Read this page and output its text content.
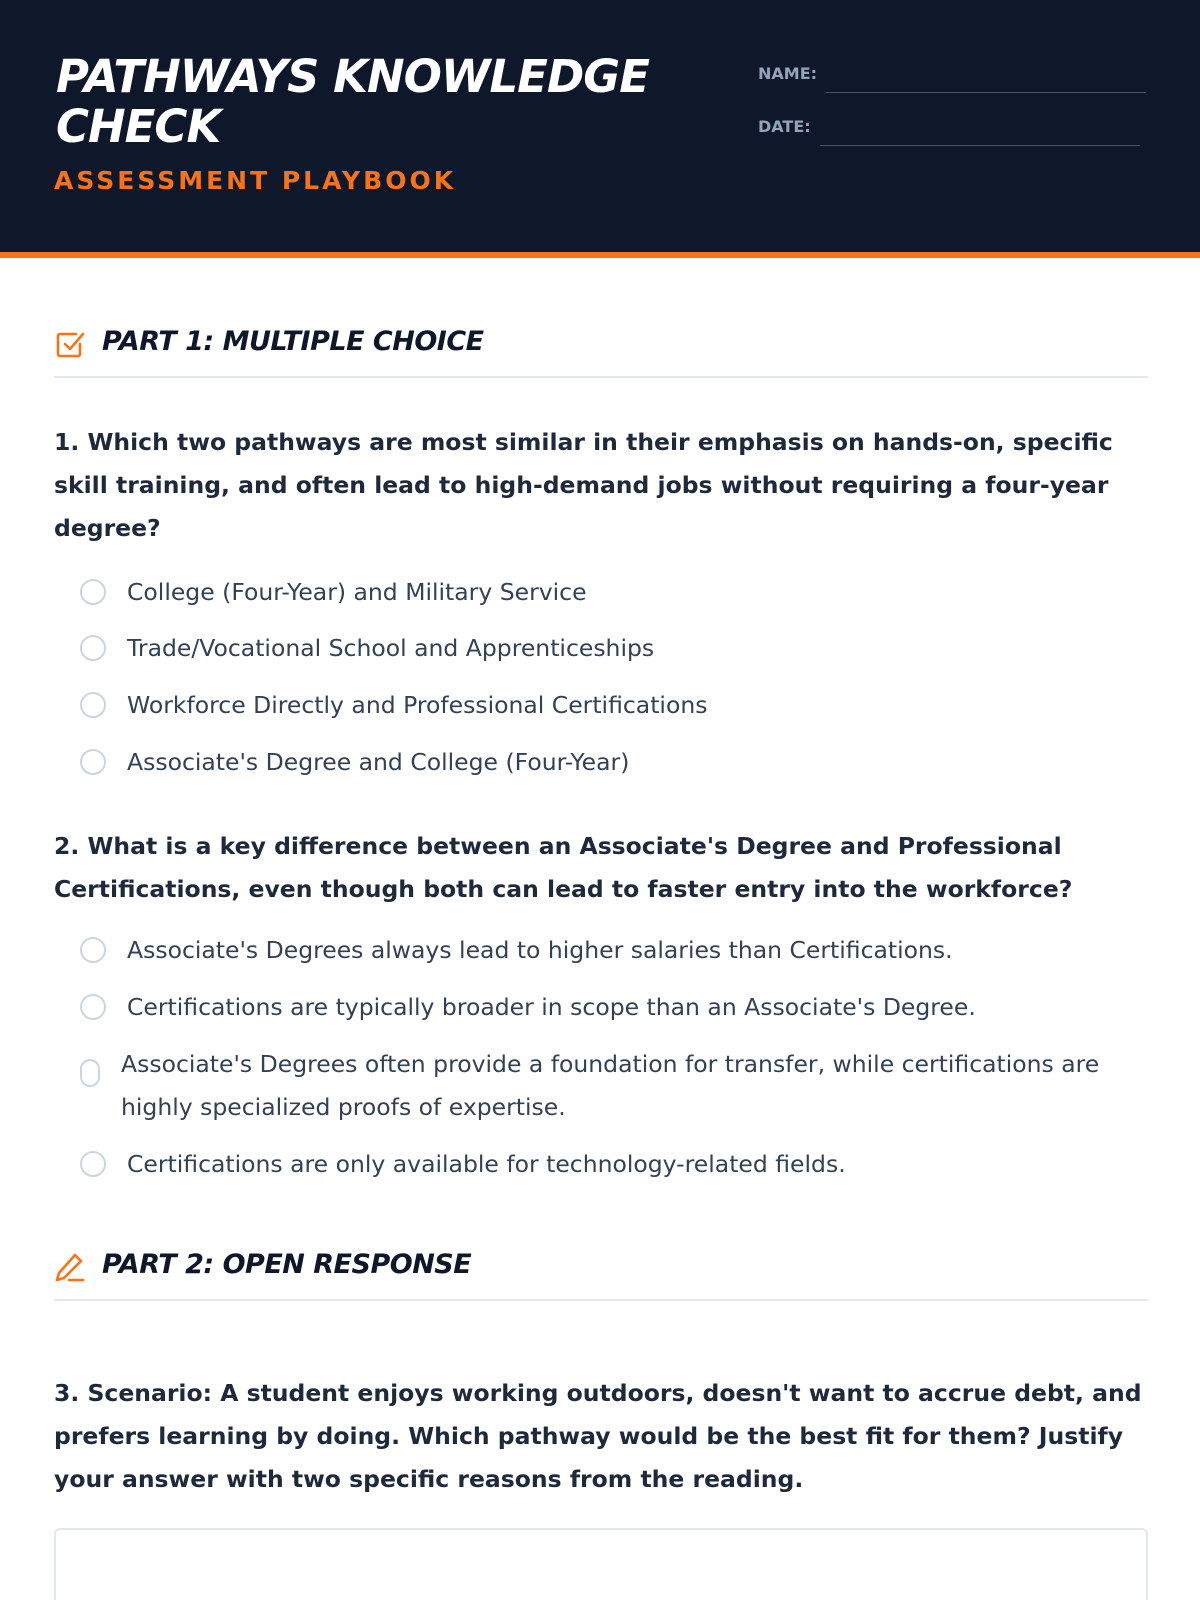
PATHWAYS KNOWLEDGE CHECK
ASSESSMENT PLAYBOOK
NAME:
DATE:
PART 1: MULTIPLE CHOICE
1. Which two pathways are most similar in their emphasis on hands-on, specific skill training, and often lead to high-demand jobs without requiring a four-year degree?
College (Four-Year) and Military Service
Trade/Vocational School and Apprenticeships
Workforce Directly and Professional Certifications
Associate's Degree and College (Four-Year)
2. What is a key difference between an Associate's Degree and Professional Certifications, even though both can lead to faster entry into the workforce?
Associate's Degrees always lead to higher salaries than Certifications.
Certifications are typically broader in scope than an Associate's Degree.
Associate's Degrees often provide a foundation for transfer, while certifications are highly specialized proofs of expertise.
Certifications are only available for technology-related fields.
PART 2: OPEN RESPONSE
3. Scenario: A student enjoys working outdoors, doesn't want to accrue debt, and prefers learning by doing. Which pathway would be the best fit for them? Justify your answer with two specific reasons from the reading.
